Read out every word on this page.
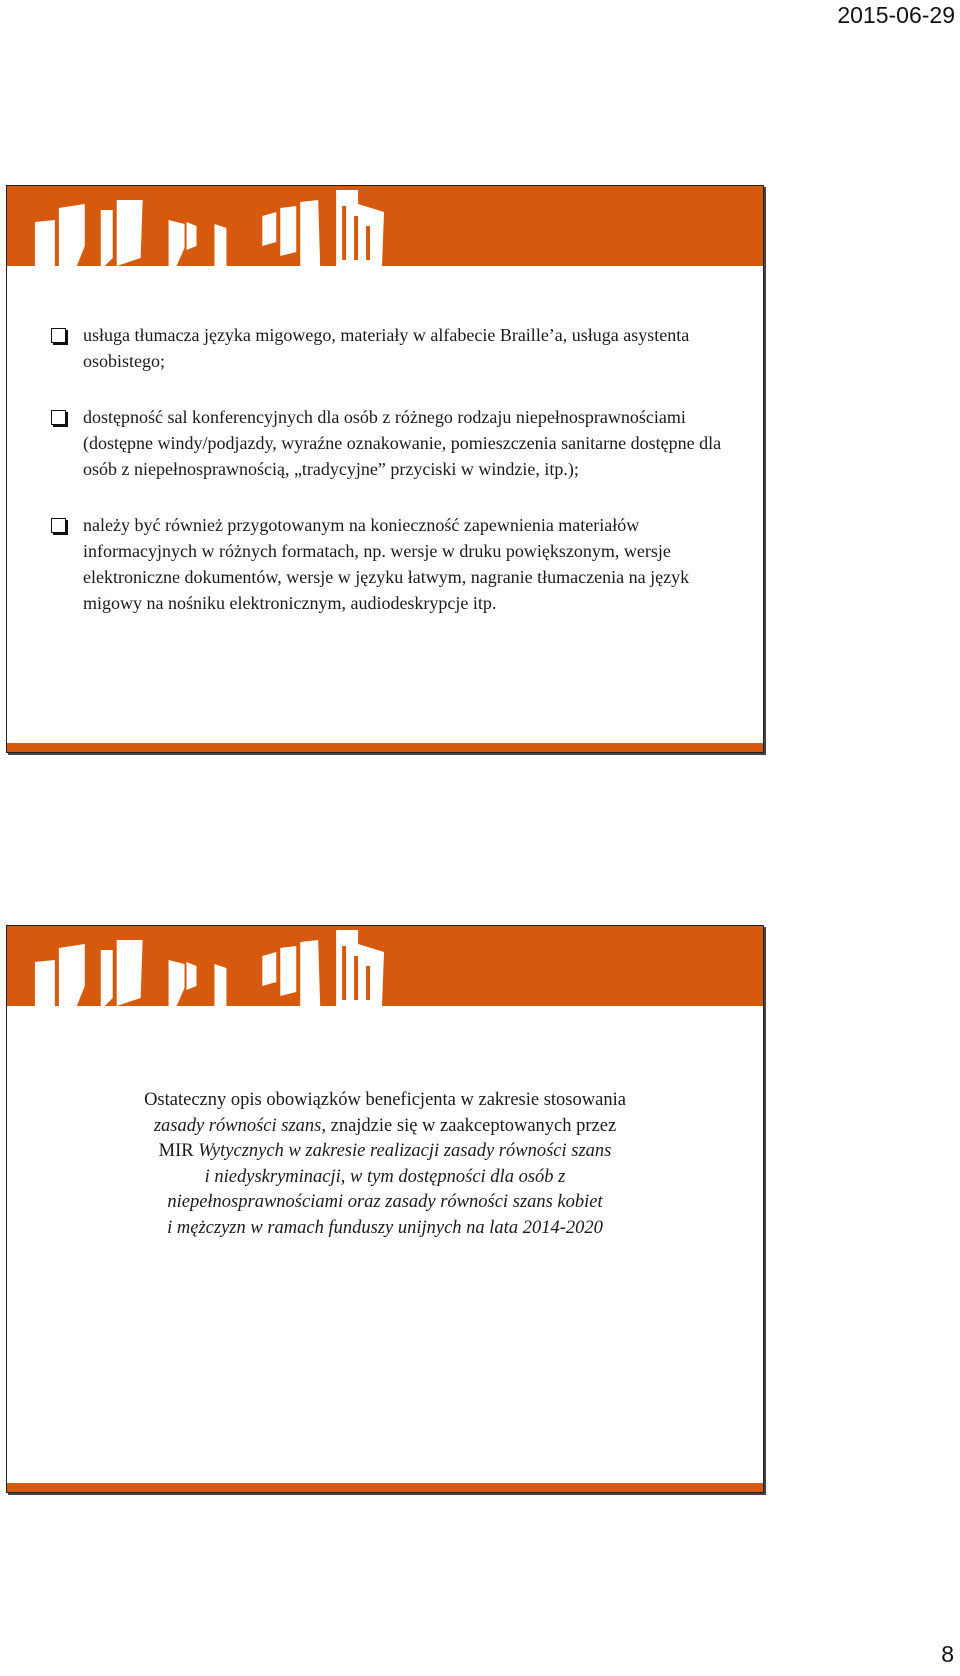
2015-06-29
usługa tłumacza języka migowego, materiały w alfabecie Braille’a, usługa asystenta osobistego;
dostępność sal konferencyjnych dla osób z różnego rodzaju niepełnosprawnościami (dostępne windy/podjazdy, wyraźne oznakowanie, pomieszczenia sanitarne dostępne dla osób z niepełnosprawnością, „tradycyjne” przyciski w windzie, itp.);
należy być również przygotowanym na konieczność zapewnienia materiałów informacyjnych w różnych formatach, np. wersje w druku powiększonym, wersje elektroniczne dokumentów, wersje w języku łatwym, nagranie tłumaczenia na język migowy na nośniku elektronicznym, audiodeskrypcje itp.
Ostateczny opis obowiązków beneficjenta w zakresie stosowania
zasady równości szans, znajdzie się w zaakceptowanych przez
MIR Wytycznych w zakresie realizacji zasady równości szans
i niedyskryminacji, w tym dostępności dla osób z
niepełnosprawnościami oraz zasady równości szans kobiet
i mężczyzn w ramach funduszy unijnych na lata 2014-2020
8
